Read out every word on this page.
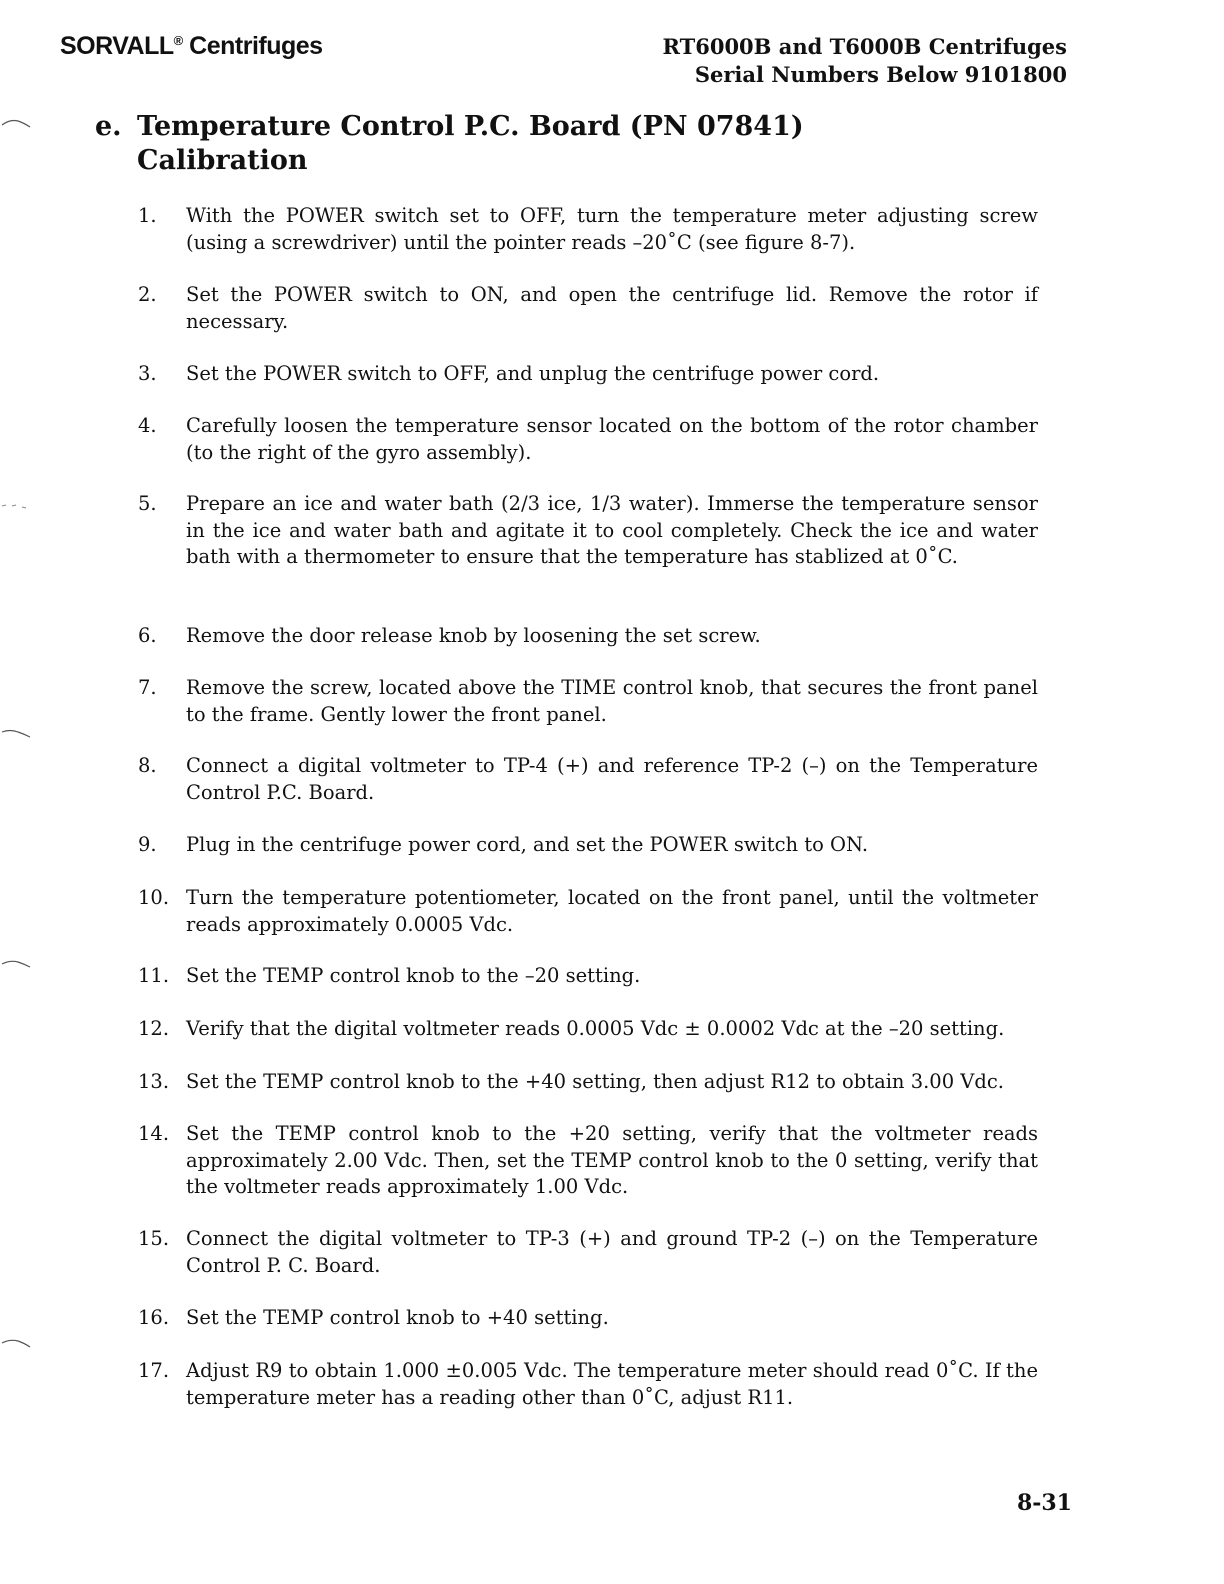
SORVALL® Centrifuges	RT6000B and T6000B Centrifuges
Serial Numbers Below 9101800
e. Temperature Control P.C. Board (PN 07841)
Calibration
1.	With the POWER switch set to OFF, turn the temperature meter adjusting screw (using a screwdriver) until the pointer reads –20˚C (see figure 8-7).
2.	Set the POWER switch to ON, and open the centrifuge lid. Remove the rotor if necessary.
3.	Set the POWER switch to OFF, and unplug the centrifuge power cord.
4.	Carefully loosen the temperature sensor located on the bottom of the rotor chamber (to the right of the gyro assembly).
5.	Prepare an ice and water bath (2/3 ice, 1/3 water). Immerse the temperature sensor in the ice and water bath and agitate it to cool completely. Check the ice and water bath with a thermometer to ensure that the temperature has stablized at 0˚C.
6.	Remove the door release knob by loosening the set screw.
7.	Remove the screw, located above the TIME control knob, that secures the front panel to the frame. Gently lower the front panel.
8.	Connect a digital voltmeter to TP-4 (+) and reference TP-2 (–) on the Temperature Control P.C. Board.
9.	Plug in the centrifuge power cord, and set the POWER switch to ON.
10. Turn the temperature potentiometer, located on the front panel, until the voltmeter reads approximately 0.0005 Vdc.
11. Set the TEMP control knob to the –20 setting.
12. Verify that the digital voltmeter reads 0.0005 Vdc ± 0.0002 Vdc at the –20 setting.
13. Set the TEMP control knob to the +40 setting, then adjust R12 to obtain 3.00 Vdc.
14. Set the TEMP control knob to the +20 setting, verify that the voltmeter reads approximately 2.00 Vdc. Then, set the TEMP control knob to the 0 setting, verify that the voltmeter reads approximately 1.00 Vdc.
15. Connect the digital voltmeter to TP-3 (+) and ground TP-2 (–) on the Temperature Control P. C. Board.
16. Set the TEMP control knob to +40 setting.
17. Adjust R9 to obtain 1.000 ±0.005 Vdc. The temperature meter should read 0˚C. If the temperature meter has a reading other than 0˚C, adjust R11.
8-31
